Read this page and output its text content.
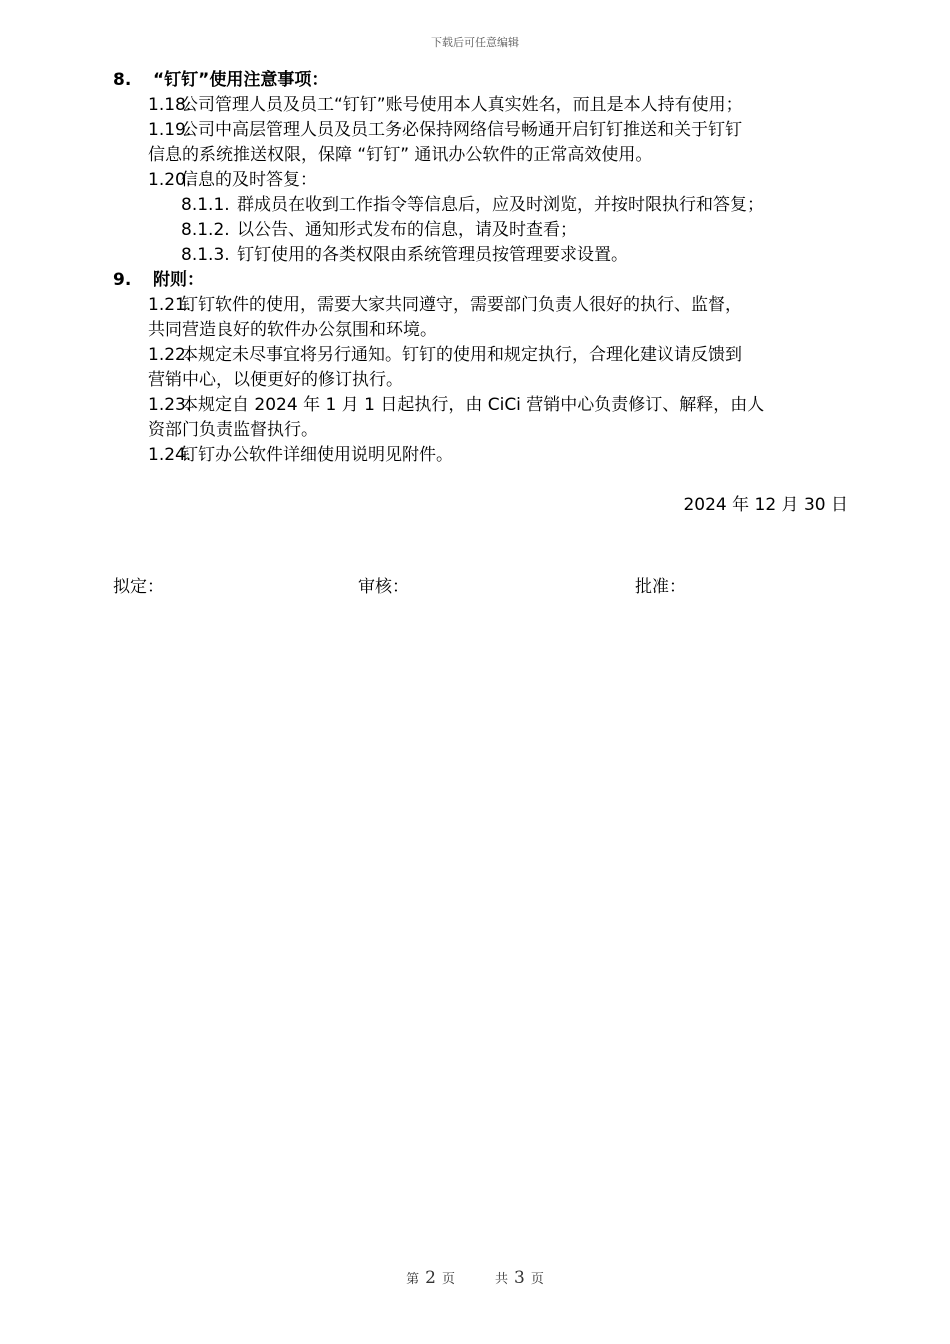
下载后可任意编辑
8. “钉钉”使用注意事项：
1.18.
公司管理人员及员工“钉钉”账号使用本人真实姓名，而且是本人持有使用；
1.19.
公司中高层管理人员及员工务必保持网络信号畅通开启钉钉推送和关于钉钉
信息的系统推送权限，保障 “钉钉” 通讯办公软件的正常高效使用。
1.20.
信息的及时答复：
8.1.1. 群成员在收到工作指令等信息后，应及时浏览，并按时限执行和答复；
8.1.2. 以公告、通知形式发布的信息，请及时查看；
8.1.3. 钉钉使用的各类权限由系统管理员按管理要求设置。
9. 附则：
1.21.
钉钉软件的使用，需要大家共同遵守，需要部门负责人很好的执行、监督，
共同营造良好的软件办公氛围和环境。
1.22.
本规定未尽事宜将另行通知。钉钉的使用和规定执行，合理化建议请反馈到
营销中心，以便更好的修订执行。
1.23.
本规定自 2024 年 1 月 1 日起执行，由 CiCi 营销中心负责修订、解释，由人
资部门负责监督执行。
1.24.
钉钉办公软件详细使用说明见附件。
2024 年 12 月 30 日
拟定：	审核：	批准：
第 2 页	共 3 页
